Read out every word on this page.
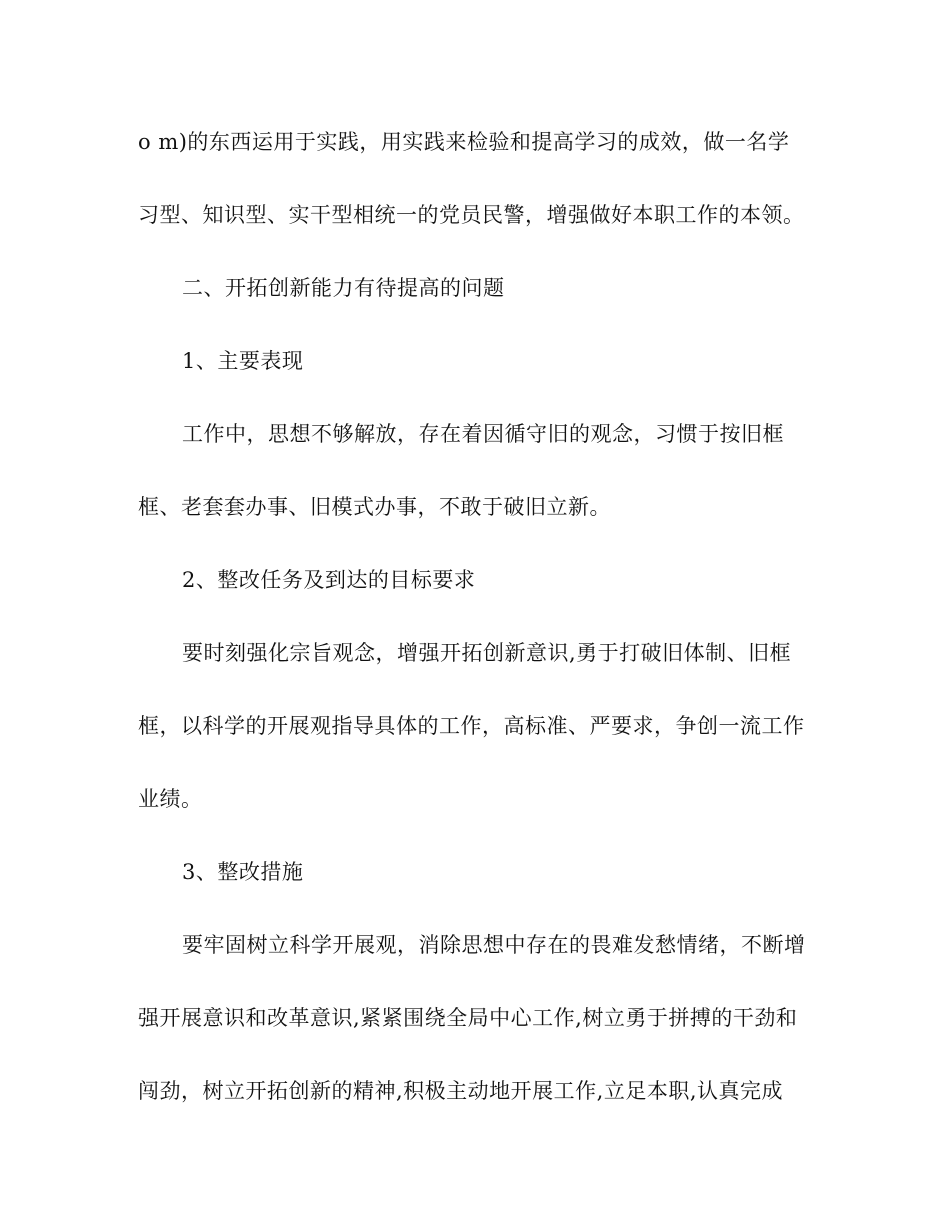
o m)的东西运用于实践，用实践来检验和提高学习的成效，做一名学
习型、知识型、实干型相统一的党员民警，增强做好本职工作的本领。
二、开拓创新能力有待提高的问题
1、主要表现
工作中，思想不够解放，存在着因循守旧的观念，习惯于按旧框
框、老套套办事、旧模式办事，不敢于破旧立新。
2、整改任务及到达的目标要求
要时刻强化宗旨观念，增强开拓创新意识,勇于打破旧体制、旧框
框，以科学的开展观指导具体的工作，高标准、严要求，争创一流工作
业绩。
3、整改措施
要牢固树立科学开展观，消除思想中存在的畏难发愁情绪，不断增
强开展意识和改革意识,紧紧围绕全局中心工作,树立勇于拼搏的干劲和
闯劲，树立开拓创新的精神,积极主动地开展工作,立足本职,认真完成
